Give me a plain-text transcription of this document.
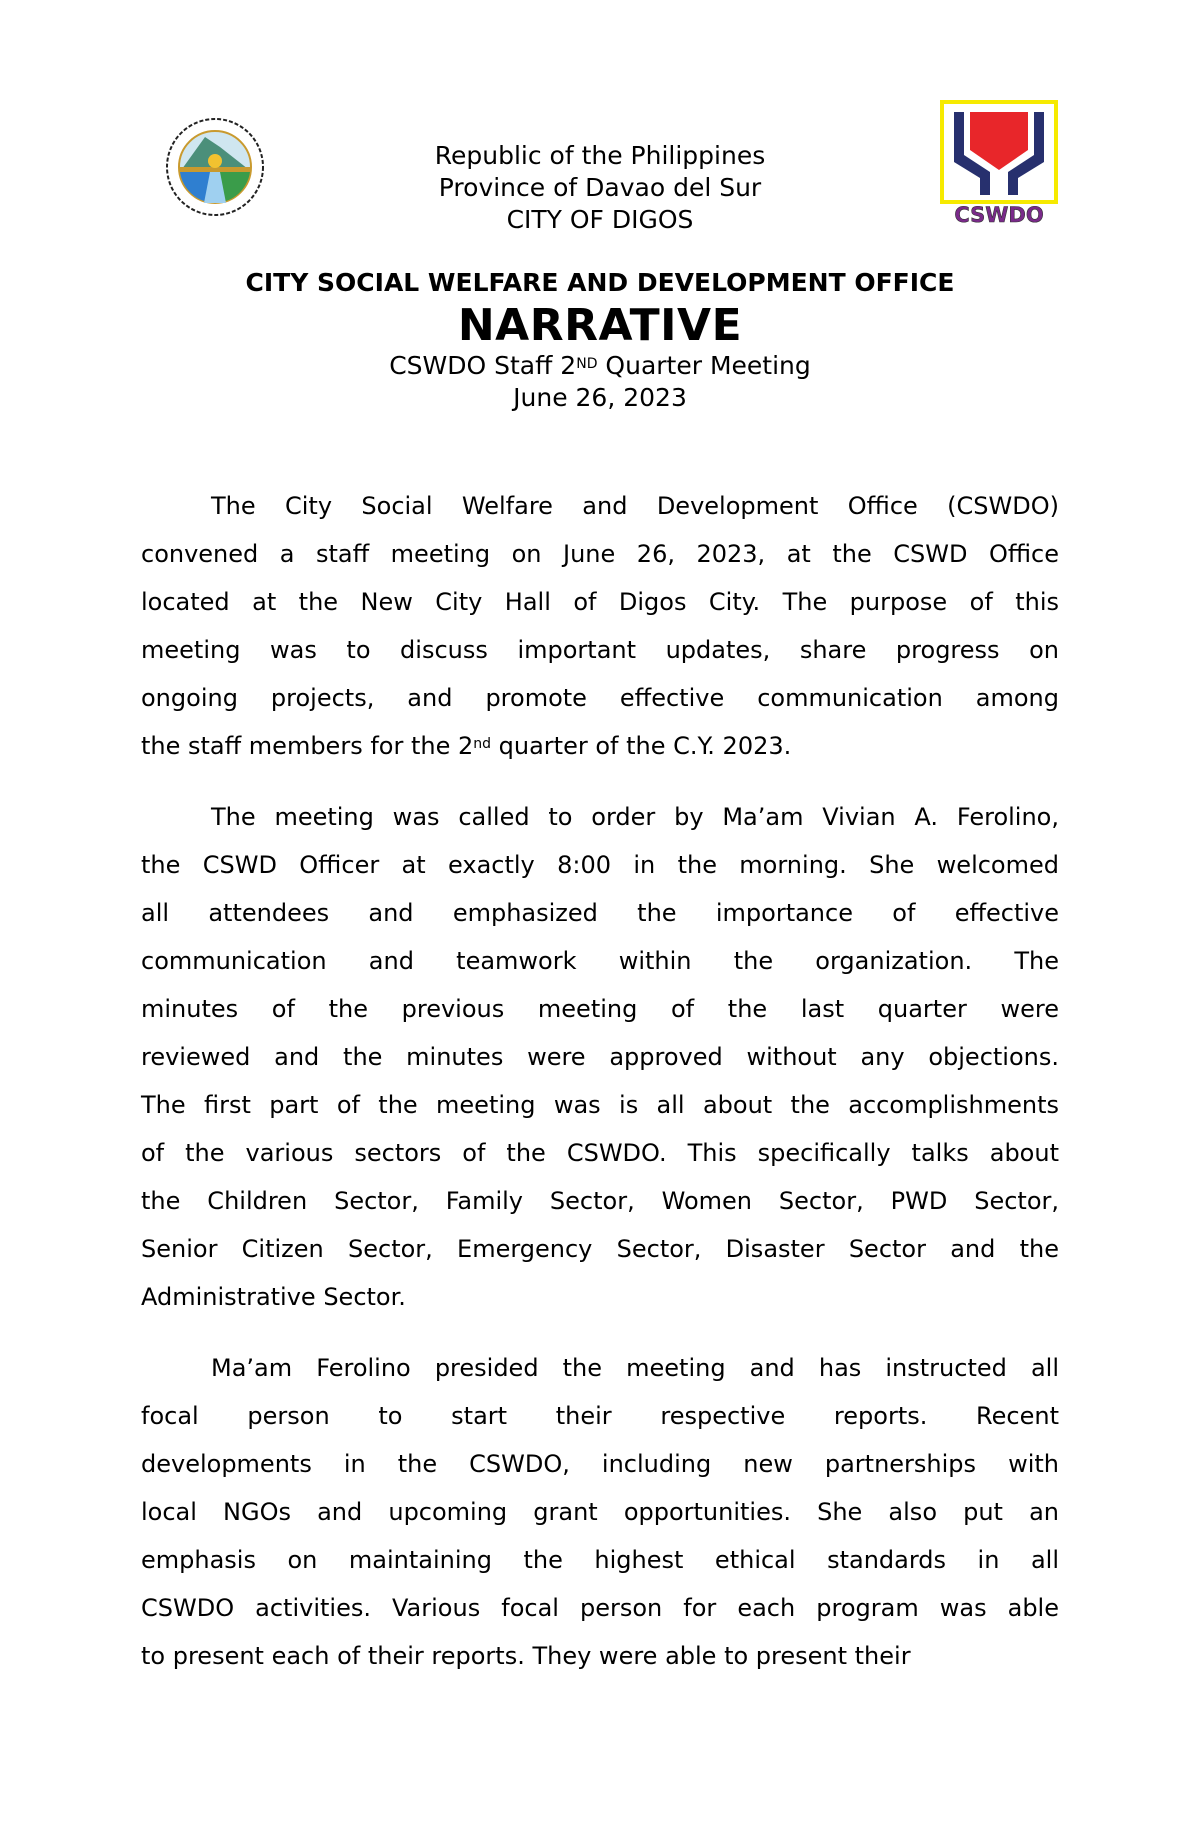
CSWDO
Republic of the Philippines
Province of Davao del Sur
CITY OF DIGOS
CITY SOCIAL WELFARE AND DEVELOPMENT OFFICE
NARRATIVE
CSWDO Staff 2ND Quarter Meeting
June 26, 2023
The City Social Welfare and Development Office (CSWDO)
convened a staff meeting on June 26, 2023, at the CSWD Office
located at the New City Hall of Digos City. The purpose of this
meeting was to discuss important updates, share progress on
ongoing projects, and promote effective communication among
the staff members for the 2nd quarter of the C.Y. 2023.
The meeting was called to order by Ma’am Vivian A. Ferolino,
the CSWD Officer at exactly 8:00 in the morning. She welcomed
all attendees and emphasized the importance of effective
communication and teamwork within the organization. The
minutes of the previous meeting of the last quarter were
reviewed and the minutes were approved without any objections.
The first part of the meeting was is all about the accomplishments
of the various sectors of the CSWDO. This specifically talks about
the Children Sector, Family Sector, Women Sector, PWD Sector,
Senior Citizen Sector, Emergency Sector, Disaster Sector and the
Administrative Sector.
Ma’am Ferolino presided the meeting and has instructed all
focal person to start their respective reports. Recent
developments in the CSWDO, including new partnerships with
local NGOs and upcoming grant opportunities. She also put an
emphasis on maintaining the highest ethical standards in all
CSWDO activities. Various focal person for each program was able
to present each of their reports. They were able to present their
